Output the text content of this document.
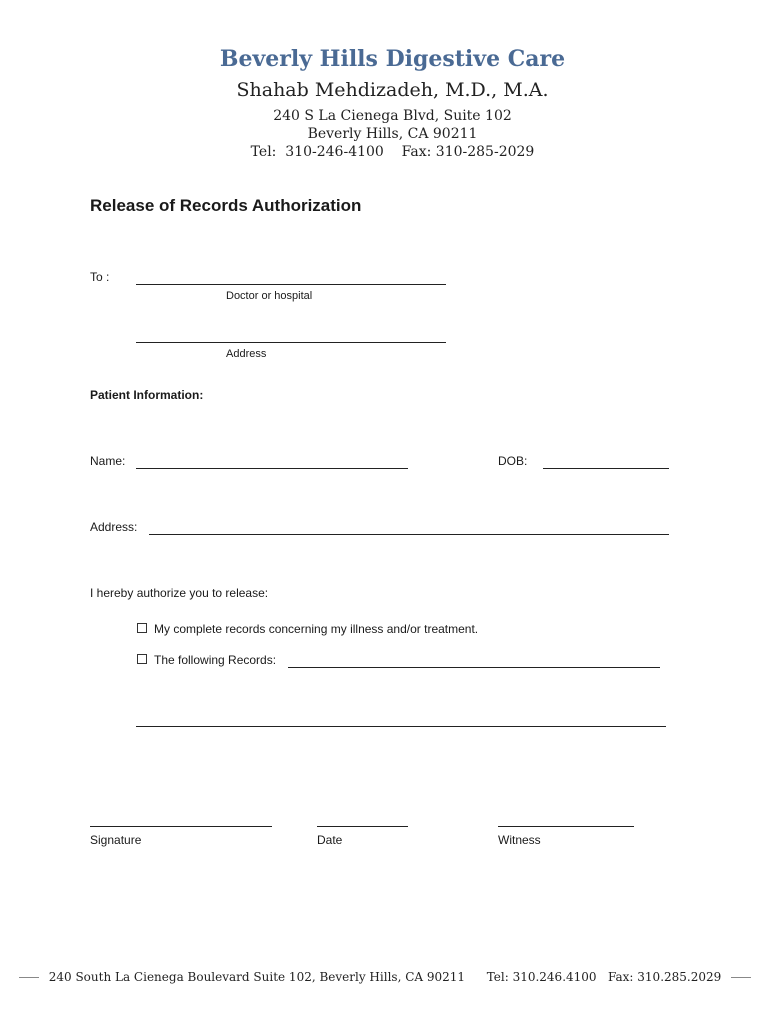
Beverly Hills Digestive Care
Shahab Mehdizadeh, M.D., M.A.
240 S La Cienega Blvd, Suite 102
Beverly Hills, CA 90211
Tel:  310-246-4100    Fax: 310-285-2029
Release of Records Authorization
To :
Doctor or hospital
Address
Patient Information:
Name:	DOB:
Address:
I hereby authorize you to release:
My complete records concerning my illness and/or treatment.
The following Records:
Signature	Date	Witness
240 South La Cienega Boulevard Suite 102, Beverly Hills, CA 90211 Tel: 310.246.4100   Fax: 310.285.2029
